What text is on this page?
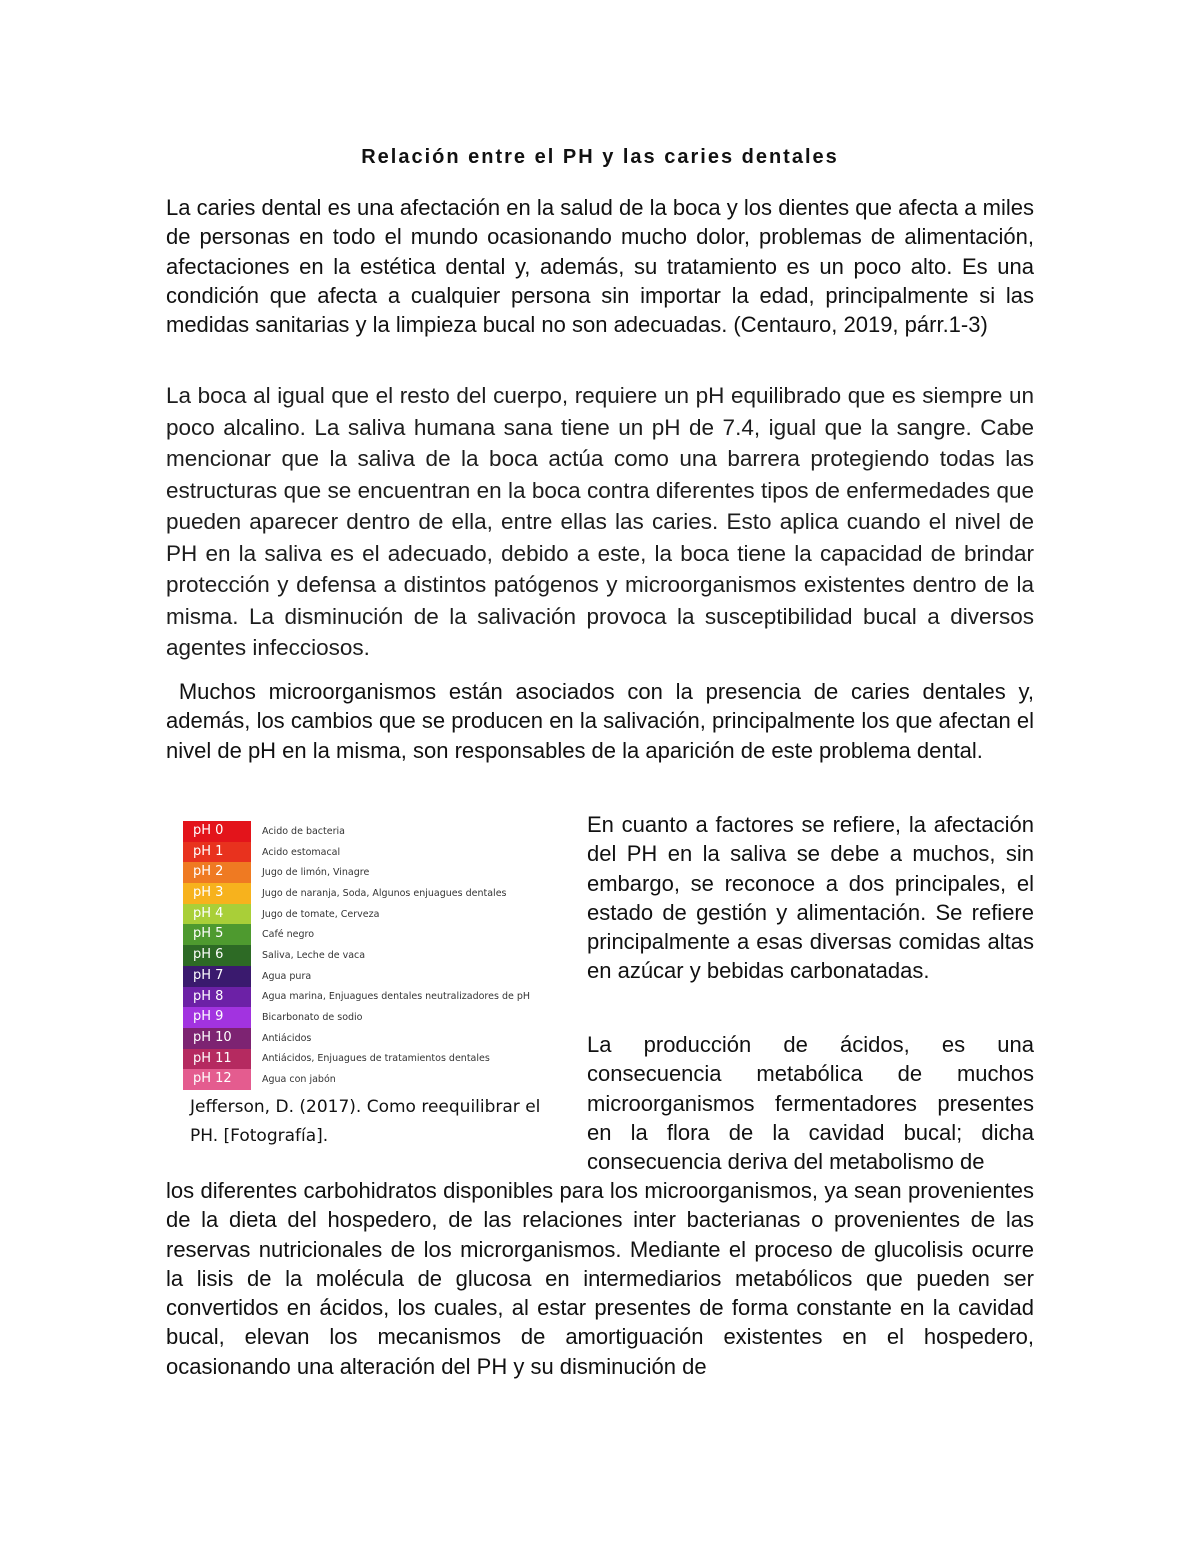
Relación entre el PH y las caries dentales

La caries dental es una afectación en la salud de la boca y los dientes que afecta a miles de personas en todo el mundo ocasionando mucho dolor, problemas de alimentación, afectaciones en la estética dental y, además, su tratamiento es un poco alto. Es una condición que afecta a cualquier persona sin importar la edad, principalmente si las medidas sanitarias y la limpieza bucal no son adecuadas. (Centauro, 2019, párr.1-3)

La boca al igual que el resto del cuerpo, requiere un pH equilibrado que es siempre un poco alcalino. La saliva humana sana tiene un pH de 7.4, igual que la sangre. Cabe mencionar que la saliva de la boca actúa como una barrera protegiendo todas las estructuras que se encuentran en la boca contra diferentes tipos de enfermedades que pueden aparecer dentro de ella, entre ellas las caries. Esto aplica cuando el nivel de PH en la saliva es el adecuado, debido a este, la boca tiene la capacidad de brindar protección y defensa a distintos patógenos y microorganismos existentes dentro de la misma. La disminución de la salivación provoca la susceptibilidad bucal a diversos agentes infecciosos.

Muchos microorganismos están asociados con la presencia de caries dentales y, además, los cambios que se producen en la salivación, principalmente los que afectan el nivel de pH en la misma, son responsables de la aparición de este problema dental.

pH 0	Acido de bacteria
pH 1	Acido estomacal
pH 2	Jugo de limón, Vinagre
pH 3	Jugo de naranja, Soda, Algunos enjuagues dentales
pH 4	Jugo de tomate, Cerveza
pH 5	Café negro
pH 6	Saliva, Leche de vaca
pH 7	Agua pura
pH 8	Agua marina, Enjuagues dentales neutralizadores de pH
pH 9	Bicarbonato de sodio
pH 10	Antiácidos
pH 11	Antiácidos, Enjuagues de tratamientos dentales
pH 12	Agua con jabón
Jefferson, D. (2017). Como reequilibrar el PH. [Fotografía].

En cuanto a factores se refiere, la afectación del PH en la saliva se debe a muchos, sin embargo, se reconoce a dos principales, el estado de gestión y alimentación. Se refiere principalmente a esas diversas comidas altas en azúcar y bebidas carbonatadas.

La producción de ácidos, es una consecuencia metabólica de muchos microorganismos fermentadores presentes en la flora de la cavidad bucal; dicha consecuencia deriva del metabolismo de

los diferentes carbohidratos disponibles para los microorganismos, ya sean provenientes de la dieta del hospedero, de las relaciones inter bacterianas o provenientes de las reservas nutricionales de los microrganismos. Mediante el proceso de glucolisis ocurre la lisis de la molécula de glucosa en intermediarios metabólicos que pueden ser convertidos en ácidos, los cuales, al estar presentes de forma constante en la cavidad bucal, elevan los mecanismos de amortiguación existentes en el hospedero, ocasionando una alteración del PH y su disminución de
